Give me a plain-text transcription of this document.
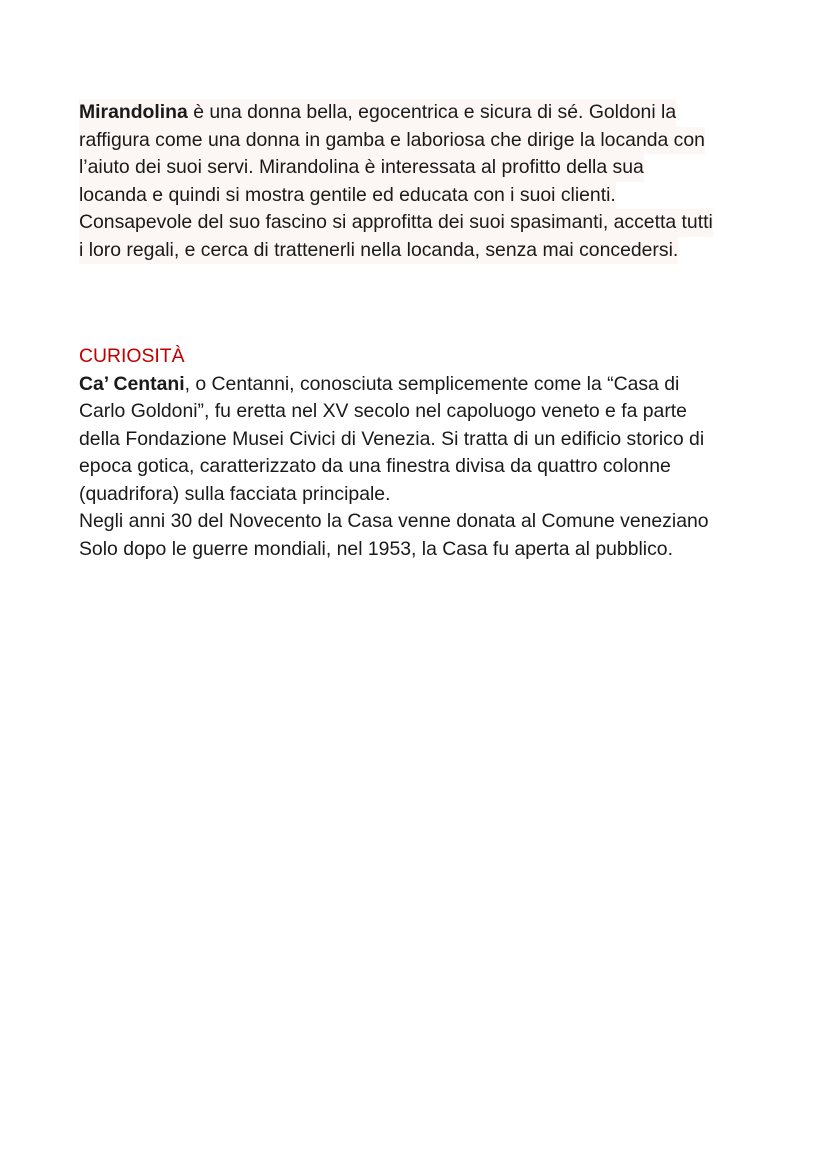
Mirandolina è una donna bella, egocentrica e sicura di sé. Goldoni la
raffigura come una donna in gamba e laboriosa che dirige la locanda con
l’aiuto dei suoi servi. Mirandolina è interessata al profitto della sua
locanda e quindi si mostra gentile ed educata con i suoi clienti.
Consapevole del suo fascino si approfitta dei suoi spasimanti, accetta tutti
i loro regali, e cerca di trattenerli nella locanda, senza mai concedersi.
CURIOSITÀ
Ca’ Centani, o Centanni, conosciuta semplicemente come la “Casa di
Carlo Goldoni”, fu eretta nel XV secolo nel capoluogo veneto e fa parte
della Fondazione Musei Civici di Venezia. Si tratta di un edificio storico di
epoca gotica, caratterizzato da una finestra divisa da quattro colonne
(quadrifora) sulla facciata principale.
Negli anni 30 del Novecento la Casa venne donata al Comune veneziano
Solo dopo le guerre mondiali, nel 1953, la Casa fu aperta al pubblico.
